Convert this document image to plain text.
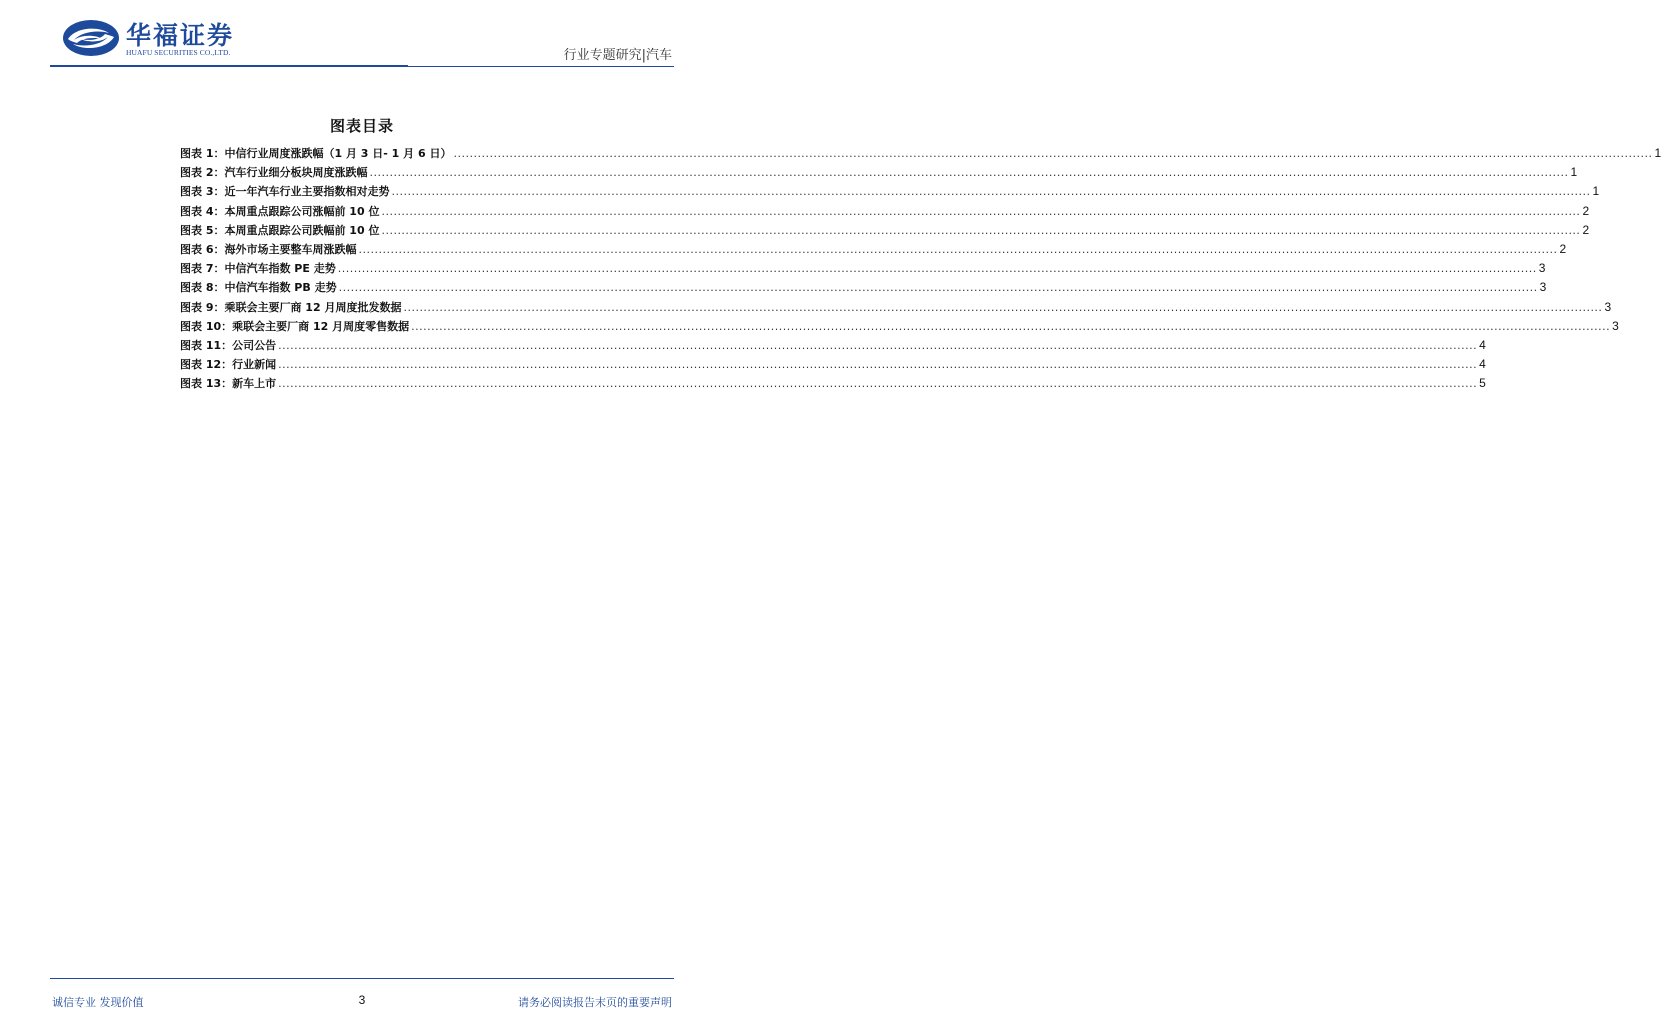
华福证券
HUAFU SECURITIES CO.,LTD.	行业专题研究|汽车
图表目录
图表 1：中信行业周度涨跌幅（1 月 3 日- 1 月 6 日） ............................................................................................................................................................................................................................................................................................................ 1
图表 2：汽车行业细分板块周度涨跌幅 ............................................................................................................................................................................................................................................................................................................ 1
图表 3：近一年汽车行业主要指数相对走势 ............................................................................................................................................................................................................................................................................................................ 1
图表 4：本周重点跟踪公司涨幅前 10 位 ............................................................................................................................................................................................................................................................................................................ 2
图表 5：本周重点跟踪公司跌幅前 10 位 ............................................................................................................................................................................................................................................................................................................ 2
图表 6：海外市场主要整车周涨跌幅 ............................................................................................................................................................................................................................................................................................................ 2
图表 7：中信汽车指数 PE 走势 ............................................................................................................................................................................................................................................................................................................ 3
图表 8：中信汽车指数 PB 走势 ............................................................................................................................................................................................................................................................................................................ 3
图表 9：乘联会主要厂商 12 月周度批发数据 ............................................................................................................................................................................................................................................................................................................ 3
图表 10：乘联会主要厂商 12 月周度零售数据 ............................................................................................................................................................................................................................................................................................................ 3
图表 11：公司公告 ............................................................................................................................................................................................................................................................................................................ 4
图表 12：行业新闻 ............................................................................................................................................................................................................................................................................................................ 4
图表 13：新车上市 ............................................................................................................................................................................................................................................................................................................ 5
诚信专业 发现价值	3	请务必阅读报告末页的重要声明
